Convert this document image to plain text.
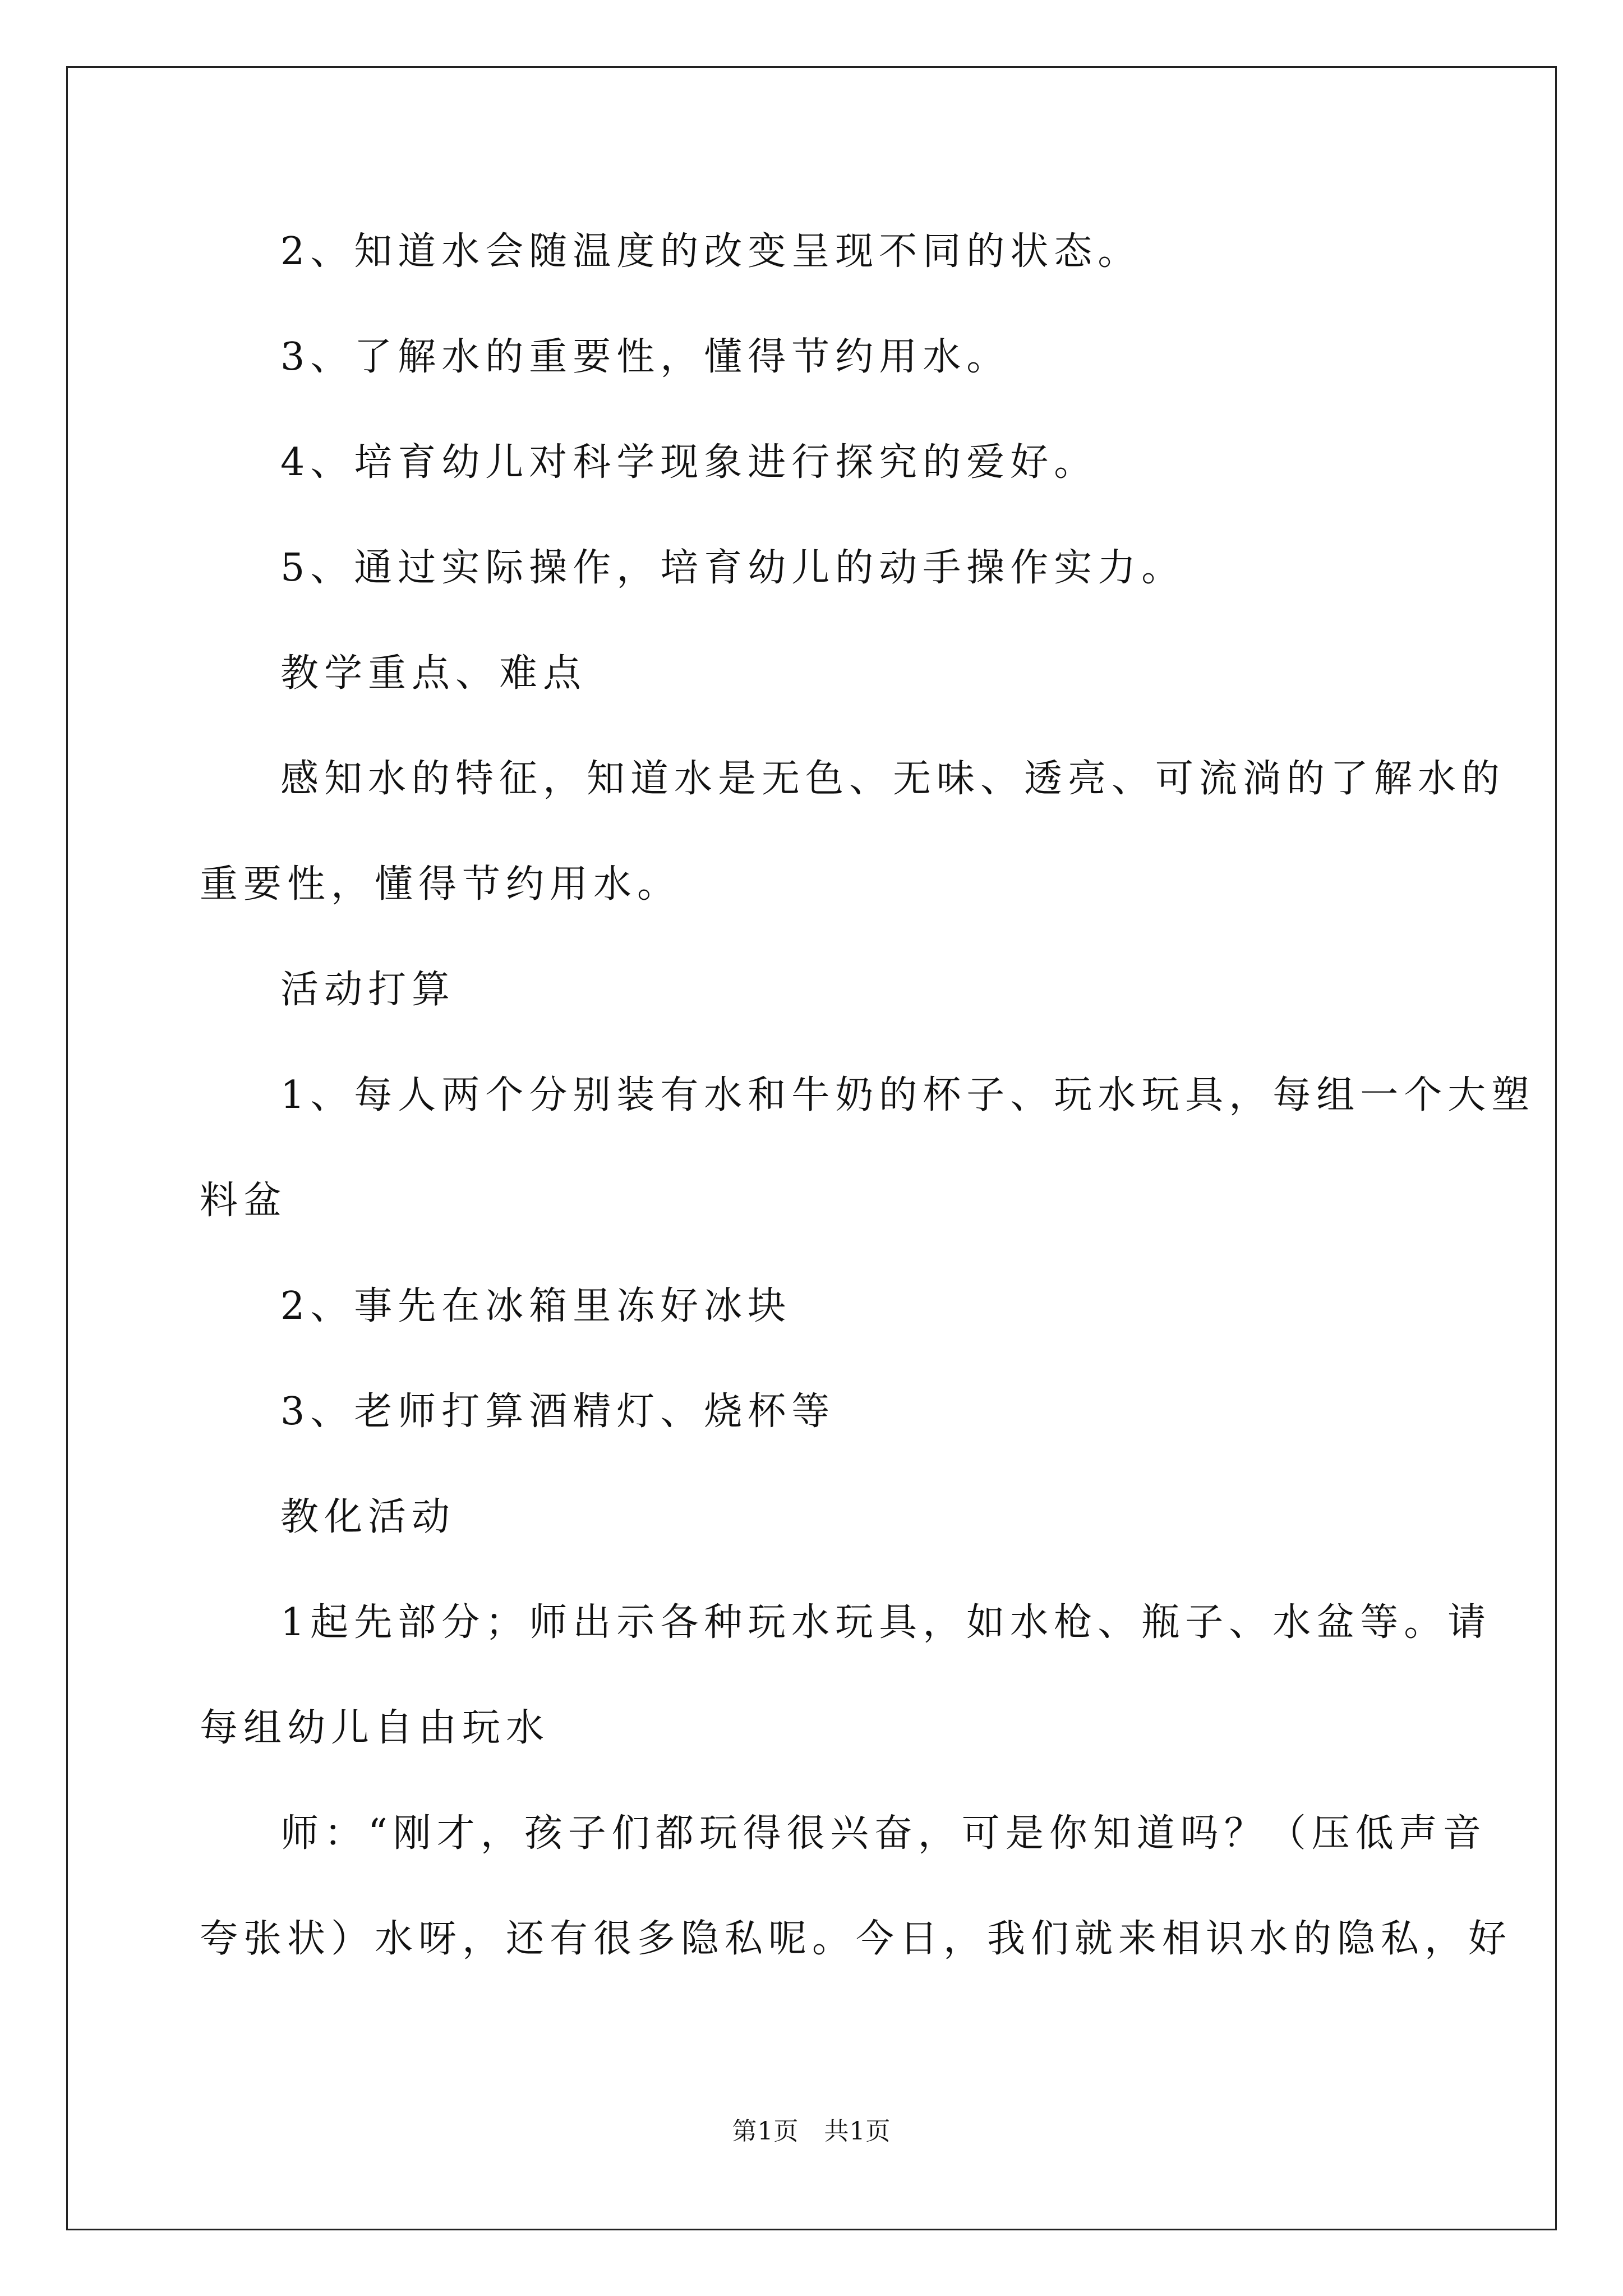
2、知道水会随温度的改变呈现不同的状态。

3、了解水的重要性，懂得节约用水。

4、培育幼儿对科学现象进行探究的爱好。

5、通过实际操作，培育幼儿的动手操作实力。

教学重点、难点

感知水的特征，知道水是无色、无味、透亮、可流淌的了解水的

重要性，懂得节约用水。

活动打算

1、每人两个分别装有水和牛奶的杯子、玩水玩具，每组一个大塑

料盆

2、事先在冰箱里冻好冰块

3、老师打算酒精灯、烧杯等

教化活动

1起先部分；师出示各种玩水玩具，如水枪、瓶子、水盆等。请

每组幼儿自由玩水

师：“刚才，孩子们都玩得很兴奋，可是你知道吗？（压低声音

夸张状）水呀，还有很多隐私呢。今日，我们就来相识水的隐私，好

第1页　共1页
